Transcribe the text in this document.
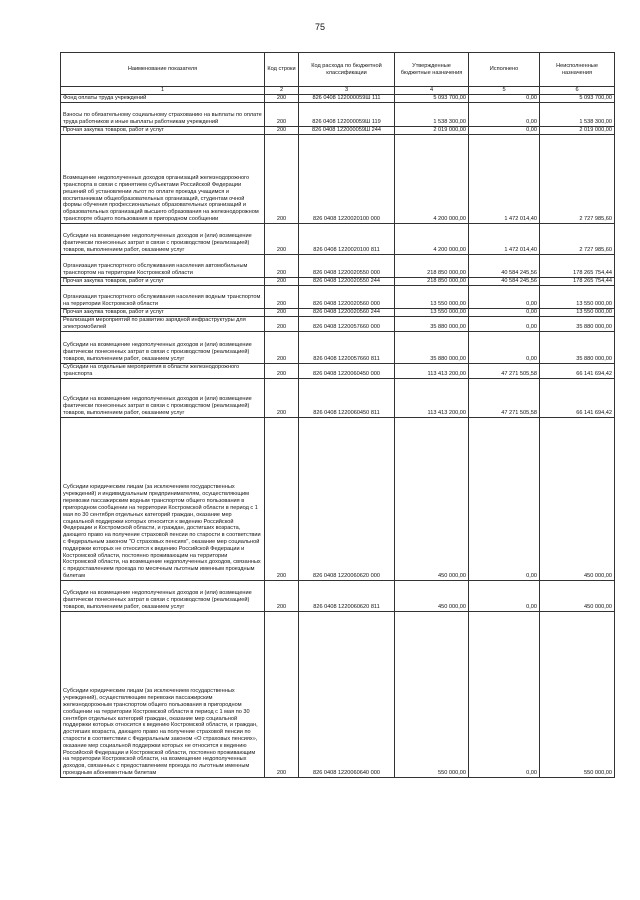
75
Наименование показателя	Код строки	Код расхода по бюджетной классификации	Утвержденные бюджетные назначения	Исполнено	Неисполненные назначения
1	2	3	4	5	6
Фонд оплаты труда учреждений	200	826 0408 122000059Ш 111	5 093 700,00	0,00	5 093 700,00
Взносы по обязательному социальному страхованию на выплаты по оплате труда работников и иные выплаты работникам учреждений	200	826 0408 122000059Ш 119	1 538 300,00	0,00	1 538 300,00
Прочая закупка товаров, работ и услуг	200	826 0408 122000059Ш 244	2 019 000,00	0,00	2 019 000,00
Возмещение недополученных доходов организаций железнодорожного транспорта в связи с принятием субъектами Российской Федерации решений об установлении льгот по оплате проезда учащимся и воспитанникам общеобразовательных организаций, студентам очной формы обучения профессиональных образовательных организаций и образовательных организаций высшего образования на железнодорожном транспорте общего пользования в пригородном сообщении	200	826 0408 1220020100 000	4 200 000,00	1 472 014,40	2 727 985,60
Субсидии на возмещение недополученных доходов и (или) возмещение фактически понесенных затрат в связи с производством (реализацией) товаров, выполнением работ, оказанием услуг	200	826 0408 1220020100 811	4 200 000,00	1 472 014,40	2 727 985,60
Организация транспортного обслуживания населения автомобильным транспортом на территории Костромской области	200	826 0408 1220020550 000	218 850 000,00	40 584 245,56	178 265 754,44
Прочая закупка товаров, работ и услуг	200	826 0408 1220020550 244	218 850 000,00	40 584 245,56	178 265 754,44
Организация транспортного обслуживания населения водным транспортом на территории Костромской области	200	826 0408 1220020560 000	13 550 000,00	0,00	13 550 000,00
Прочая закупка товаров, работ и услуг	200	826 0408 1220020560 244	13 550 000,00	0,00	13 550 000,00
Реализация мероприятий по развитию зарядной инфраструктуры для электромобилей	200	826 0408 1220057660 000	35 880 000,00	0,00	35 880 000,00
Субсидии на возмещение недополученных доходов и (или) возмещение фактически понесенных затрат в связи с производством (реализацией) товаров, выполнением работ, оказанием услуг	200	826 0408 1220057660 811	35 880 000,00	0,00	35 880 000,00
Субсидии на отдельные мероприятия в области железнодорожного транспорта	200	826 0408 1220060450 000	113 413 200,00	47 271 505,58	66 141 694,42
Субсидии на возмещение недополученных доходов и (или) возмещение фактически понесенных затрат в связи с производством (реализацией) товаров, выполнением работ, оказанием услуг	200	826 0408 1220060450 811	113 413 200,00	47 271 505,58	66 141 694,42
Субсидии юридическим лицам (за исключением государственных учреждений) и индивидуальным предпринимателям, осуществляющим перевозки пассажирским водным транспортом общего пользования в пригородном сообщении на территории Костромской области в период с 1 мая по 30 сентября отдельных категорий граждан, оказание мер социальной поддержки которых относится к ведению Российской Федерации и Костромской области, и граждан, достигших возраста, дающего право на получение страховой пенсии по старости в соответствии с Федеральным законом "О страховых пенсиях", оказание мер социальной поддержки которых не относится к ведению Российской Федерации и Костромской области, постоянно проживающим на территории Костромской области, на возмещение недополученных доходов, связанных с предоставлением проезда по месячным льготным именным проездным билетам	200	826 0408 1220060620 000	450 000,00	0,00	450 000,00
Субсидии на возмещение недополученных доходов и (или) возмещение фактически понесенных затрат в связи с производством (реализацией) товаров, выполнением работ, оказанием услуг	200	826 0408 1220060620 811	450 000,00	0,00	450 000,00
Субсидии юридическим лицам (за исключением государственных учреждений), осуществляющим перевозки пассажирским железнодорожным транспортом общего пользования в пригородном сообщении на территории Костромской области в период с 1 мая по 30 сентября отдельных категорий граждан, оказание мер социальной поддержки которых относится к ведению Костромской области, и граждан, достигших возраста, дающего право на получение страховой пенсии по старости в соответствии с Федеральным законом «О страховых пенсиях», оказание мер социальной поддержки которых не относится к ведению Российской Федерации и Костромской области, постоянно проживающим на территории Костромской области, на возмещение недополученных доходов, связанных с предоставлением проезда по льготным именным проездным абонементным билетам	200	826 0408 1220060640 000	550 000,00	0,00	550 000,00
